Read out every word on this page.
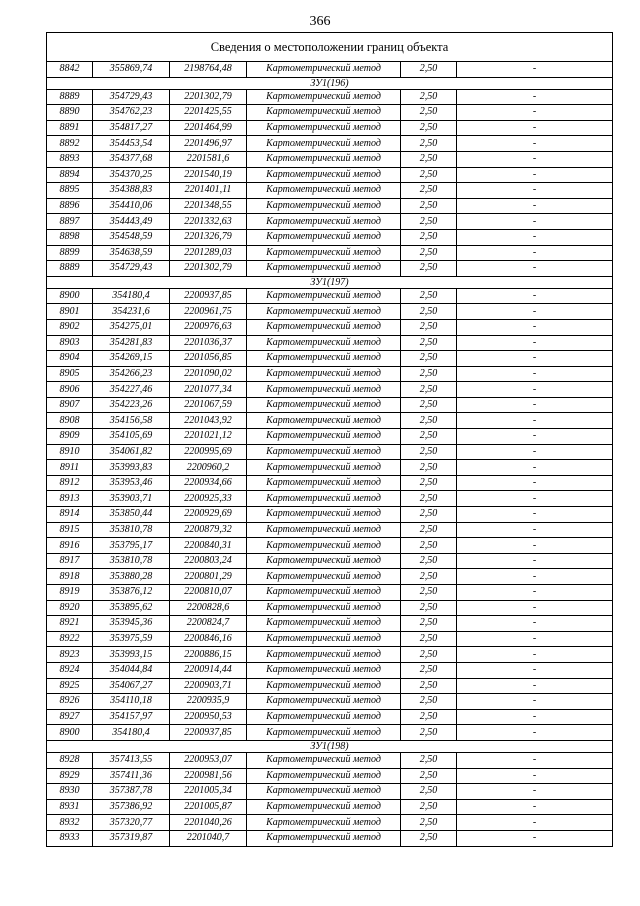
366
Сведения о местоположении границ объекта					
8842	355869,74	2198764,48	Картометрический метод	2,50	-
ЗУ1(196)					
8889	354729,43	2201302,79	Картометрический метод	2,50	-
8890	354762,23	2201425,55	Картометрический метод	2,50	-
8891	354817,27	2201464,99	Картометрический метод	2,50	-
8892	354453,54	2201496,97	Картометрический метод	2,50	-
8893	354377,68	2201581,6	Картометрический метод	2,50	-
8894	354370,25	2201540,19	Картометрический метод	2,50	-
8895	354388,83	2201401,11	Картометрический метод	2,50	-
8896	354410,06	2201348,55	Картометрический метод	2,50	-
8897	354443,49	2201332,63	Картометрический метод	2,50	-
8898	354548,59	2201326,79	Картометрический метод	2,50	-
8899	354638,59	2201289,03	Картометрический метод	2,50	-
8889	354729,43	2201302,79	Картометрический метод	2,50	-
ЗУ1(197)					
8900	354180,4	2200937,85	Картометрический метод	2,50	-
8901	354231,6	2200961,75	Картометрический метод	2,50	-
8902	354275,01	2200976,63	Картометрический метод	2,50	-
8903	354281,83	2201036,37	Картометрический метод	2,50	-
8904	354269,15	2201056,85	Картометрический метод	2,50	-
8905	354266,23	2201090,02	Картометрический метод	2,50	-
8906	354227,46	2201077,34	Картометрический метод	2,50	-
8907	354223,26	2201067,59	Картометрический метод	2,50	-
8908	354156,58	2201043,92	Картометрический метод	2,50	-
8909	354105,69	2201021,12	Картометрический метод	2,50	-
8910	354061,82	2200995,69	Картометрический метод	2,50	-
8911	353993,83	2200960,2	Картометрический метод	2,50	-
8912	353953,46	2200934,66	Картометрический метод	2,50	-
8913	353903,71	2200925,33	Картометрический метод	2,50	-
8914	353850,44	2200929,69	Картометрический метод	2,50	-
8915	353810,78	2200879,32	Картометрический метод	2,50	-
8916	353795,17	2200840,31	Картометрический метод	2,50	-
8917	353810,78	2200803,24	Картометрический метод	2,50	-
8918	353880,28	2200801,29	Картометрический метод	2,50	-
8919	353876,12	2200810,07	Картометрический метод	2,50	-
8920	353895,62	2200828,6	Картометрический метод	2,50	-
8921	353945,36	2200824,7	Картометрический метод	2,50	-
8922	353975,59	2200846,16	Картометрический метод	2,50	-
8923	353993,15	2200886,15	Картометрический метод	2,50	-
8924	354044,84	2200914,44	Картометрический метод	2,50	-
8925	354067,27	2200903,71	Картометрический метод	2,50	-
8926	354110,18	2200935,9	Картометрический метод	2,50	-
8927	354157,97	2200950,53	Картометрический метод	2,50	-
8900	354180,4	2200937,85	Картометрический метод	2,50	-
ЗУ1(198)					
8928	357413,55	2200953,07	Картометрический метод	2,50	-
8929	357411,36	2200981,56	Картометрический метод	2,50	-
8930	357387,78	2201005,34	Картометрический метод	2,50	-
8931	357386,92	2201005,87	Картометрический метод	2,50	-
8932	357320,77	2201040,26	Картометрический метод	2,50	-
8933	357319,87	2201040,7	Картометрический метод	2,50	-
